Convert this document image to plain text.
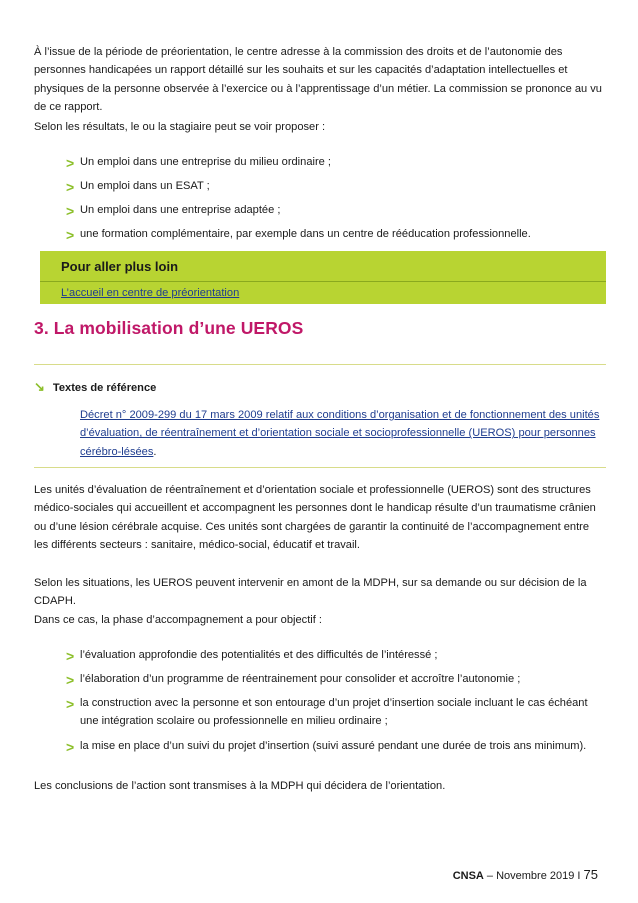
À l’issue de la période de préorientation, le centre adresse à la commission des droits et de l’autonomie des personnes handicapées un rapport détaillé sur les souhaits et sur les capacités d’adaptation intellectuelles et physiques de la personne observée à l’exercice ou à l’apprentissage d’un métier. La commission se prononce au vu de ce rapport.

Selon les résultats, le ou la stagiaire peut se voir proposer :

> Un emploi dans une entreprise du milieu ordinaire ;
> Un emploi dans un ESAT ;
> Un emploi dans une entreprise adaptée ;
> une formation complémentaire, par exemple dans un centre de rééducation professionnelle.
Pour aller plus loin
L’accueil en centre de préorientation
3. La mobilisation d’une UEROS
↘ Textes de référence

Décret n° 2009-299 du 17 mars 2009 relatif aux conditions d’organisation et de fonctionnement des unités d’évaluation, de réentraînement et d’orientation sociale et socioprofessionnelle (UEROS) pour personnes cérébro-lésées.

Les unités d’évaluation de réentraînement et d’orientation sociale et professionnelle (UEROS) sont des structures médico-sociales qui accueillent et accompagnent les personnes dont le handicap résulte d’un traumatisme crânien ou d’une lésion cérébrale acquise. Ces unités sont chargées de garantir la continuité de l’accompagnement entre les différents secteurs : sanitaire, médico-social, éducatif et travail.

Selon les situations, les UEROS peuvent intervenir en amont de la MDPH, sur sa demande ou sur décision de la CDAPH.

Dans ce cas, la phase d’accompagnement a pour objectif :

> l’évaluation approfondie des potentialités et des difficultés de l’intéressé ;
> l’élaboration d’un programme de réentrainement pour consolider et accroître l’autonomie ;
> la construction avec la personne et son entourage d’un projet d’insertion sociale incluant le cas échéant une intégration scolaire ou professionnelle en milieu ordinaire ;
> la mise en place d’un suivi du projet d’insertion (suivi assuré pendant une durée de trois ans minimum).

Les conclusions de l’action sont transmises à la MDPH qui décidera de l’orientation.

CNSA – Novembre 2019 I 75
